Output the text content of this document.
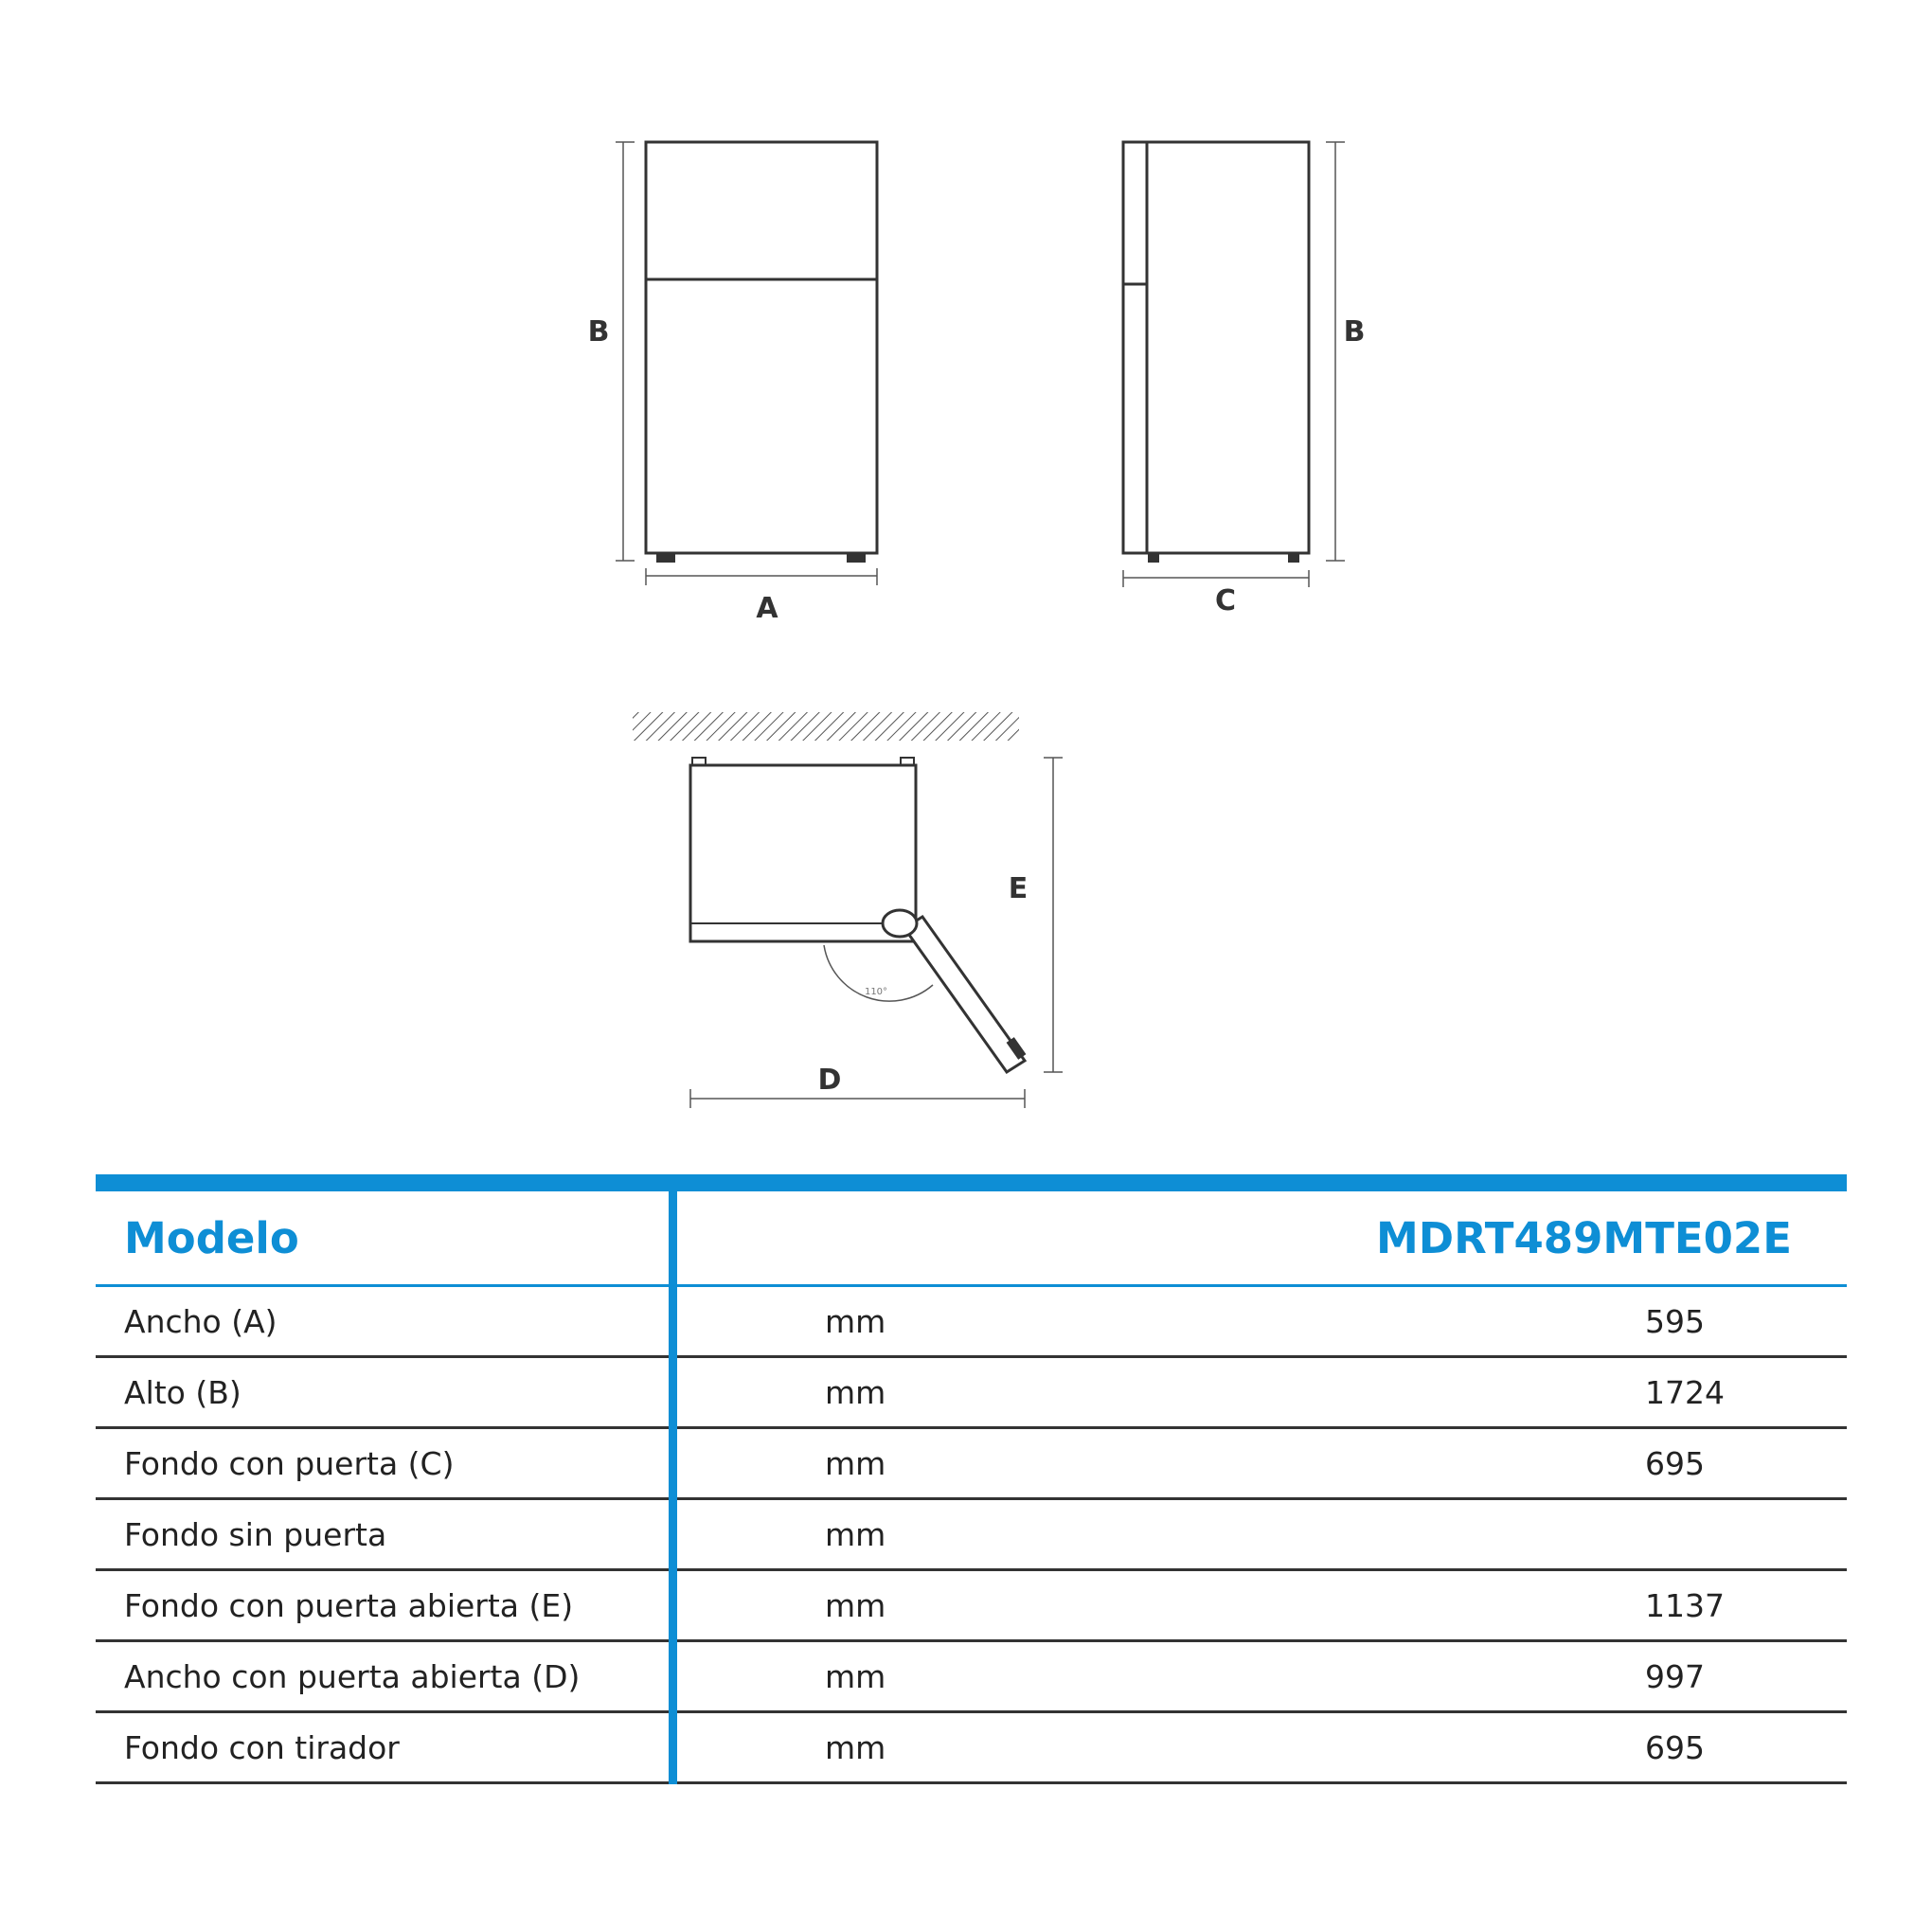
B
A
B
C
110°
E
D

Modelo		MDRT489MTE02E	
Ancho (A)		mm	595
Alto (B)		mm	1724
Fondo con puerta (C)		mm	695
Fondo sin puerta		mm	
Fondo con puerta abierta (E)		mm	1137
Ancho con puerta abierta (D)		mm	997
Fondo con tirador		mm	695
